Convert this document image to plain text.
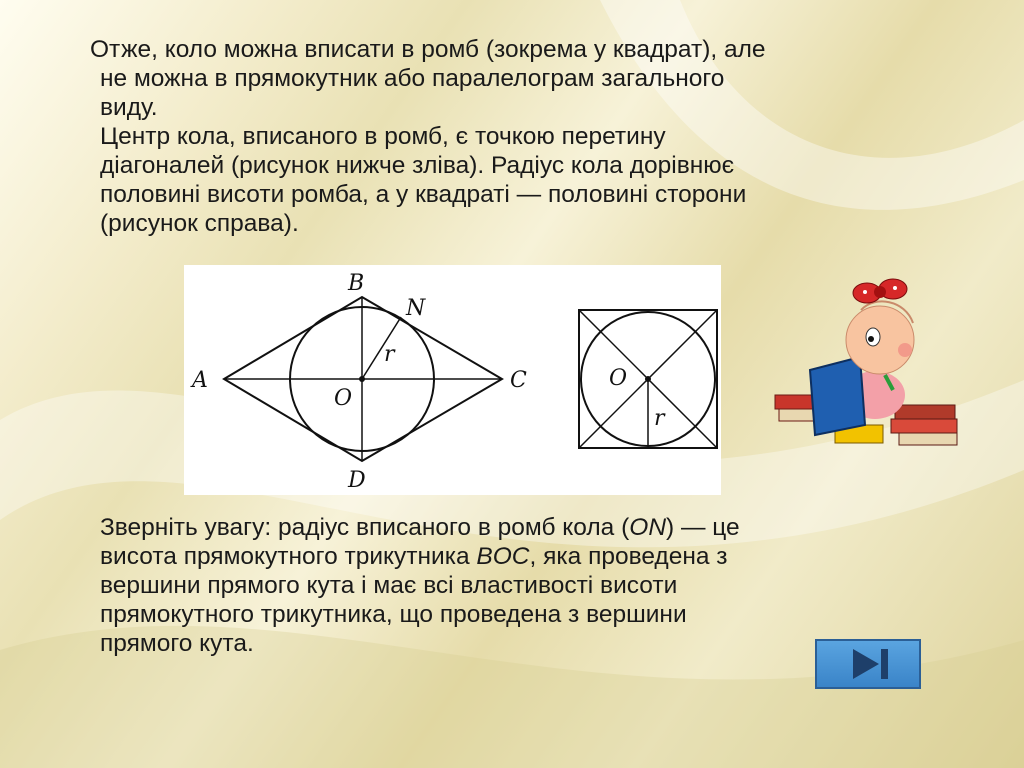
Отже, коло можна вписати в ромб (зокрема у квадрат), але
не можна в прямокутник або паралелограм загального
виду.
Центр кола, вписаного в ромб, є точкою перетину
діагоналей (рисунок нижче зліва). Радіус кола дорівнює
половині висоти ромба, а у квадраті — половині сторони
(рисунок справа).
A
B
C
D
N
O
r
O
r
Зверніть увагу: радіус вписаного в ромб кола (ON) — це
висота прямокутного трикутника BOC, яка проведена з
вершини прямого кута і має всі властивості висоти
прямокутного трикутника, що проведена з вершини
прямого кута.
